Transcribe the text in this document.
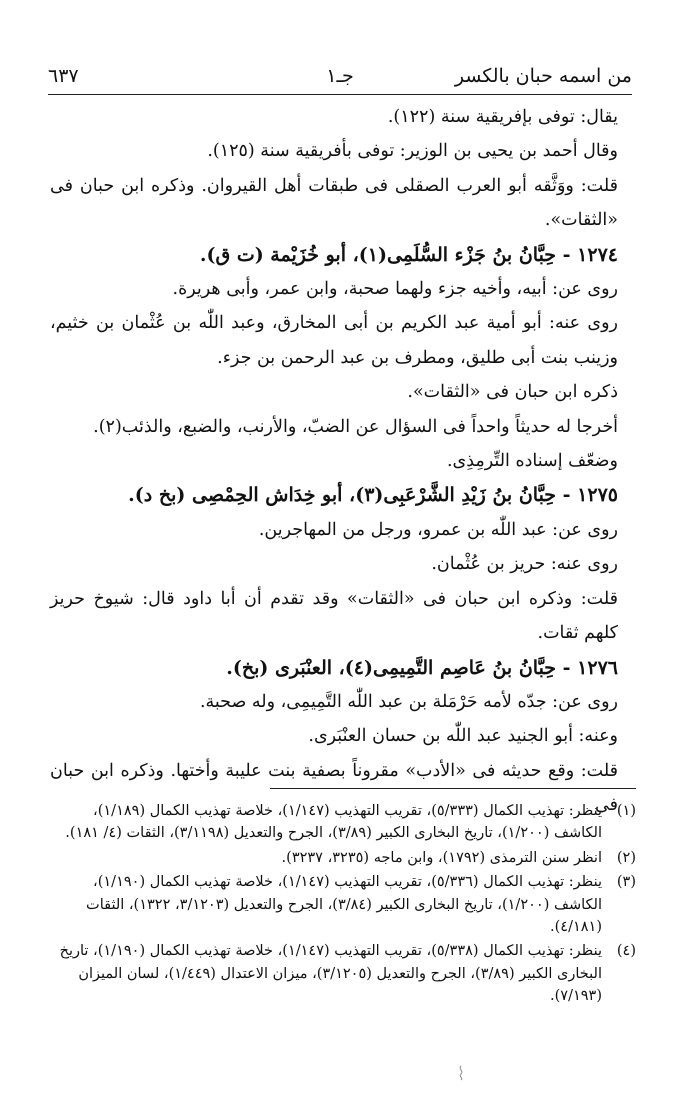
من اسمه حبان بالكسر
جـ١
٦٣٧

يقال: توفى بإفريقية سنة (١٢٢).

وقال أحمد بن يحيى بن الوزير: توفى بأفريقية سنة (١٢٥).

قلت: ووَثَّقه أبو العرب الصقلى فى طبقات أهل القيروان. وذكره ابن حبان فى «الثقات».

١٢٧٤ - حِبَّانُ بنُ جَزْء السُّلَمِى(١)، أبو خُزَيْمة (ت ق).

روى عن: أبيه، وأخيه جزء ولهما صحبة، وابن عمر، وأبى هريرة.

روى عنه: أبو أمية عبد الكريم بن أبى المخارق، وعبد اللّٰه بن عُثْمان بن خثيم، وزينب بنت أبى طليق، ومطرف بن عبد الرحمن بن جزء.

ذكره ابن حبان فى «الثقات».

أخرجا له حديثاً واحداً فى السؤال عن الضبّ، والأرنب، والضبع، والذئب(٢).

وضعّف إسناده التِّرمِذِى.

١٢٧٥ - حِبَّانُ بنُ زَيْدِ الشَّرْعَبِى(٣)، أبو خِدَاش الحِمْصِى (بخ د).

روى عن: عبد اللّٰه بن عمرو، ورجل من المهاجرين.

روى عنه: حريز بن عُثْمان.

قلت: وذكره ابن حبان فى «الثقات» وقد تقدم أن أبا داود قال: شيوخ حريز كلهم ثقات.

١٢٧٦ - حِبَّانُ بنُ عَاصِم التَّمِيمِى(٤)، العنْبَرى (بخ).

روى عن: جدّه لأمه حَرْمَلة بن عبد اللّٰه التَّمِيمِى، وله صحبة.

وعنه: أبو الجنيد عبد اللّٰه بن حسان العنْبَرى.

قلت: وقع حديثه فى «الأدب» مقروناً بصفية بنت عليبة وأختها. وذكره ابن حبان فى

(١)
ينظر: تهذيب الكمال (٥/٣٣٣)، تقريب التهذيب (١/١٤٧)، خلاصة تهذيب الكمال (١/١٨٩)، الكاشف (١/٢٠٠)، تاريخ البخارى الكبير (٣/٨٩)، الجرح والتعديل (٣/١١٩٨)، الثقات (٤/ ١٨١).
(٢)
انظر سنن الترمذى (١٧٩٢)، وابن ماجه (٣٢٣٥، ٣٢٣٧).
(٣)
ينظر: تهذيب الكمال (٥/٣٣٦)، تقريب التهذيب (١/١٤٧)، خلاصة تهذيب الكمال (١/١٩٠)، الكاشف (١/٢٠٠)، تاريخ البخارى الكبير (٣/٨٤)، الجرح والتعديل (٣/١٢٠٣، ١٣٢٢)، الثقات (٤/١٨١).
(٤)
ينظر: تهذيب الكمال (٥/٣٣٨)، تقريب التهذيب (١/١٤٧)، خلاصة تهذيب الكمال (١/١٩٠)، تاريخ البخارى الكبير (٣/٨٩)، الجرح والتعديل (٣/١٢٠٥)، ميزان الاعتدال (١/٤٤٩)، لسان الميزان (٧/١٩٣).
